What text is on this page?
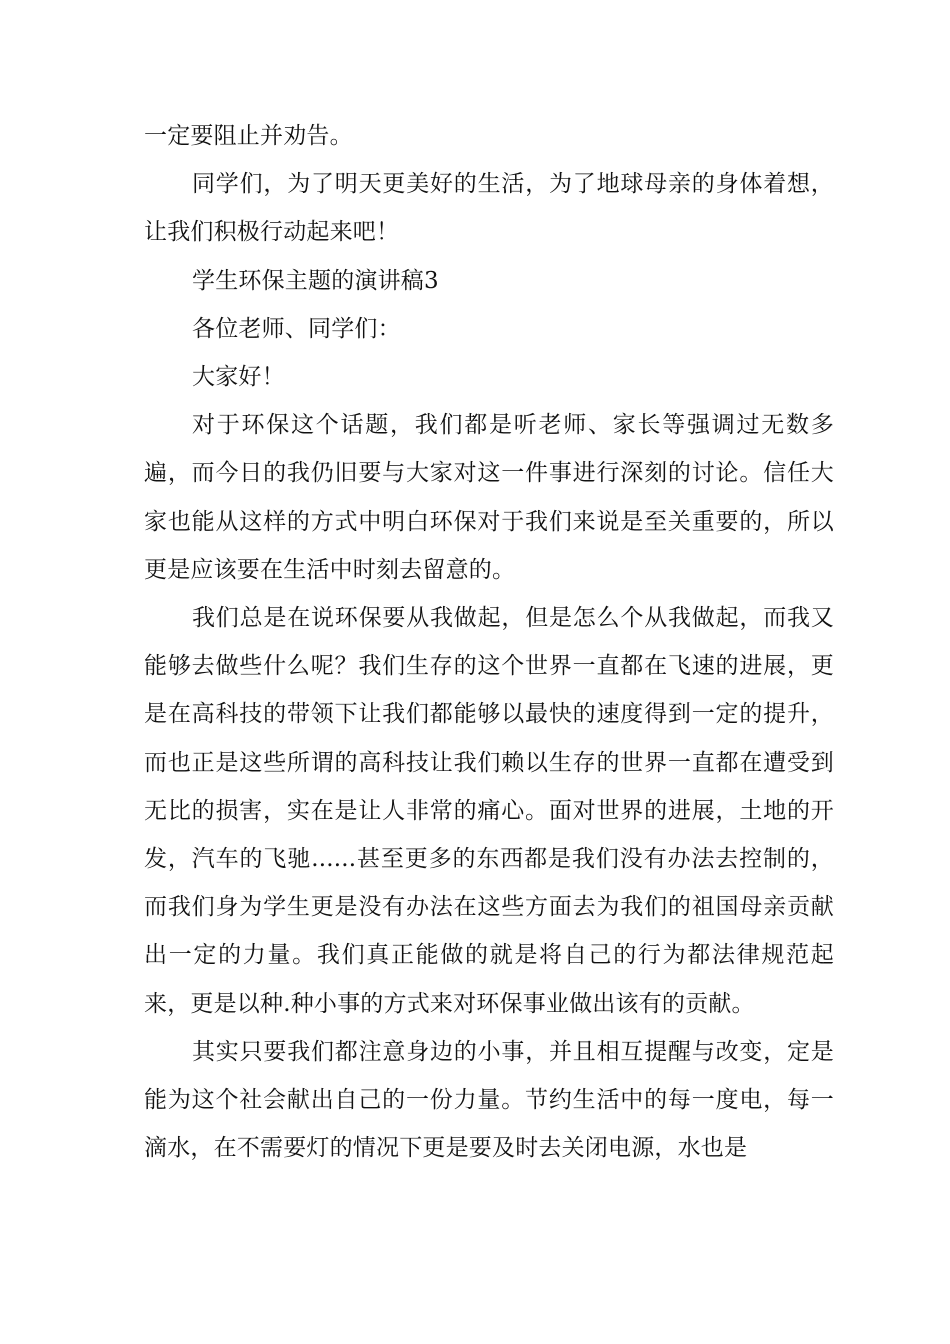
一定要阻止并劝告。

同学们，为了明天更美好的生活，为了地球母亲的身体着想，让我们积极行动起来吧！

学生环保主题的演讲稿3

各位老师、同学们：

大家好！

对于环保这个话题，我们都是听老师、家长等强调过无数多遍，而今日的我仍旧要与大家对这一件事进行深刻的讨论。信任大家也能从这样的方式中明白环保对于我们来说是至关重要的，所以更是应该要在生活中时刻去留意的。

我们总是在说环保要从我做起，但是怎么个从我做起，而我又能够去做些什么呢？我们生存的这个世界一直都在飞速的进展，更是在高科技的带领下让我们都能够以最快的速度得到一定的提升，而也正是这些所谓的高科技让我们赖以生存的世界一直都在遭受到无比的损害，实在是让人非常的痛心。面对世界的进展，土地的开发，汽车的飞驰......甚至更多的东西都是我们没有办法去控制的，而我们身为学生更是没有办法在这些方面去为我们的祖国母亲贡献出一定的力量。我们真正能做的就是将自己的行为都法律规范起来，更是以种.种小事的方式来对环保事业做出该有的贡献。

其实只要我们都注意身边的小事，并且相互提醒与改变，定是能为这个社会献出自己的一份力量。节约生活中的每一度电，每一滴水，在不需要灯的情况下更是要及时去关闭电源，水也是
